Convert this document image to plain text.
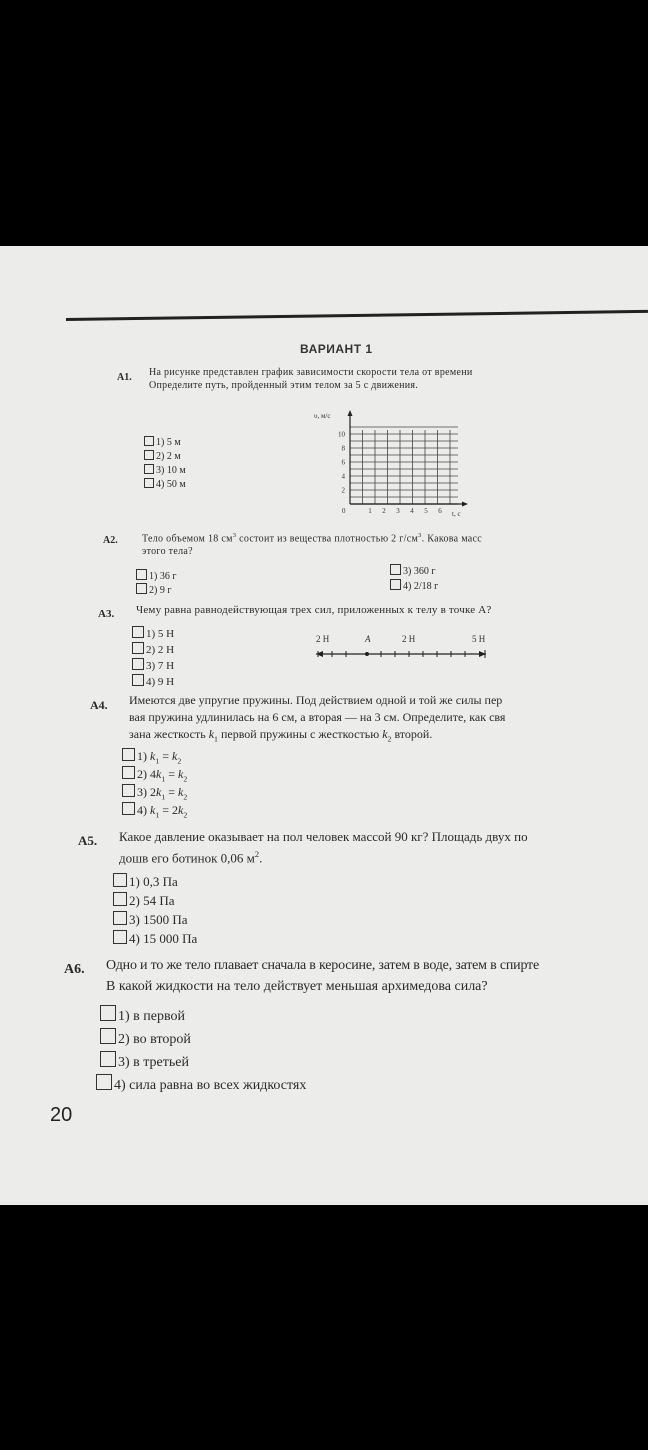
ВАРИАНТ 1
А1. На рисунке представлен график зависимости скорости тела от времени
Определите путь, пройденный этим телом за 5 с движения.
1) 5 м
2) 2 м
3) 10 м
4) 50 м
υ, м/с
t, с
0
10
8
6
4
2
1 2 3 4 5 6
А2. Тело объемом 18 $см^3$ состоит из вещества плотностью 2 $г/см^3$. Какова масс
этого тела?
1) 36 г
2) 9 г
3) 360 г
4) 2/18 г
А3. Чему равна равнодействующая трех сил, приложенных к телу в точке А?
1) 5 Н
2) 2 Н
3) 7 Н
4) 9 Н
2 Н	А	2 Н	5 Н
А4. Имеются две упругие пружины. Под действием одной и той же силы пер
вая пружина удлинилась на 6 см, а вторая — на 3 см. Определите, как свя
зана жесткость $k_1$ первой пружины с жесткостью $k_2$ второй.
1) $k_1 = k_2$
2) $4k_1 = k_2$
3) $2k_1 = k_2$
4) $k_1 = 2k_2$
А5. Какое давление оказывает на пол человек массой 90 кг? Площадь двух по
дошв его ботинок 0,06 $м^2$.
1) 0,3 Па
2) 54 Па
3) 1500 Па
4) 15 000 Па
А6. Одно и то же тело плавает сначала в керосине, затем в воде, затем в спирте
В какой жидкости на тело действует меньшая архимедова сила?
1) в первой
2) во второй
3) в третьей
4) сила равна во всех жидкостях
20
